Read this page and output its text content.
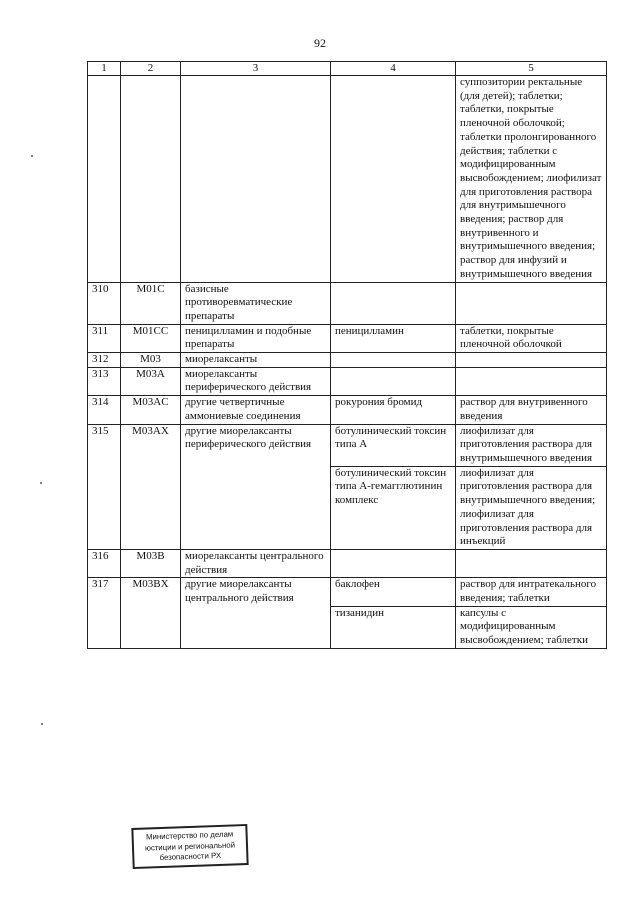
92
1	2	3	4	5
				суппозитории ректальные (для детей); таблетки; таблетки, покрытые пленочной оболочкой; таблетки пролонгированного действия; таблетки с модифицированным высвобождением; лиофилизат для приготовления раствора для внутримышечного введения; раствор для внутривенного и внутримышечного введения; раствор для инфузий и внутримышечного введения
310	M01C	базисные противоревматические препараты		
311	M01CC	пеницилламин и подобные препараты	пеницилламин	таблетки, покрытые пленочной оболочкой
312	M03	миорелаксанты		
313	M03A	миорелаксанты периферического действия		
314	M03AC	другие четвертичные аммониевые соединения	рокурония бромид	раствор для внутривенного введения
315	M03AX	другие миорелаксанты периферического действия	ботулинический токсин типа А	лиофилизат для приготовления раствора для внутримышечного введения
			ботулинический токсин типа А-гемагглютинин комплекс	лиофилизат для приготовления раствора для внутримышечного введения; лиофилизат для приготовления раствора для инъекций
316	M03B	миорелаксанты центрального действия		
317	M03BX	другие миорелаксанты центрального действия	баклофен	раствор для интратекального введения; таблетки
			тизанидин	капсулы с модифицированным высвобождением; таблетки
Министерство по делам
юстиции и региональной
безопасности РХ
